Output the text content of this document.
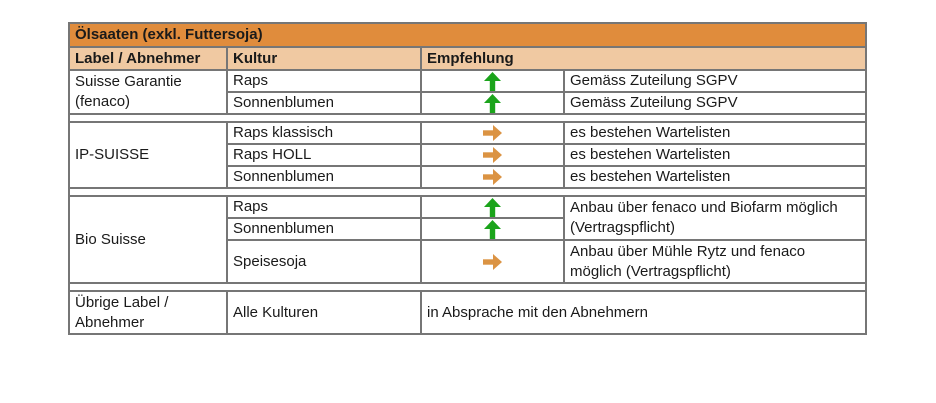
Ölsaaten (exkl. Futtersoja)			
Label / Abnehmer	Kultur	Empfehlung	
Suisse Garantie (fenaco)	Raps		Gemäss Zuteilung SGPV
	Sonnenblumen		Gemäss Zuteilung SGPV

IP-SUISSE	Raps klassisch		es bestehen Wartelisten
	Raps HOLL		es bestehen Wartelisten
	Sonnenblumen		es bestehen Wartelisten

Bio Suisse	Raps		Anbau über fenaco und Biofarm möglich (Vertragspflicht)
	Sonnenblumen	
	Speisesoja		Anbau über Mühle Rytz und fenaco möglich (Vertragspflicht)

Übrige Label / Abnehmer	Alle Kulturen	in Absprache mit den Abnehmern	
